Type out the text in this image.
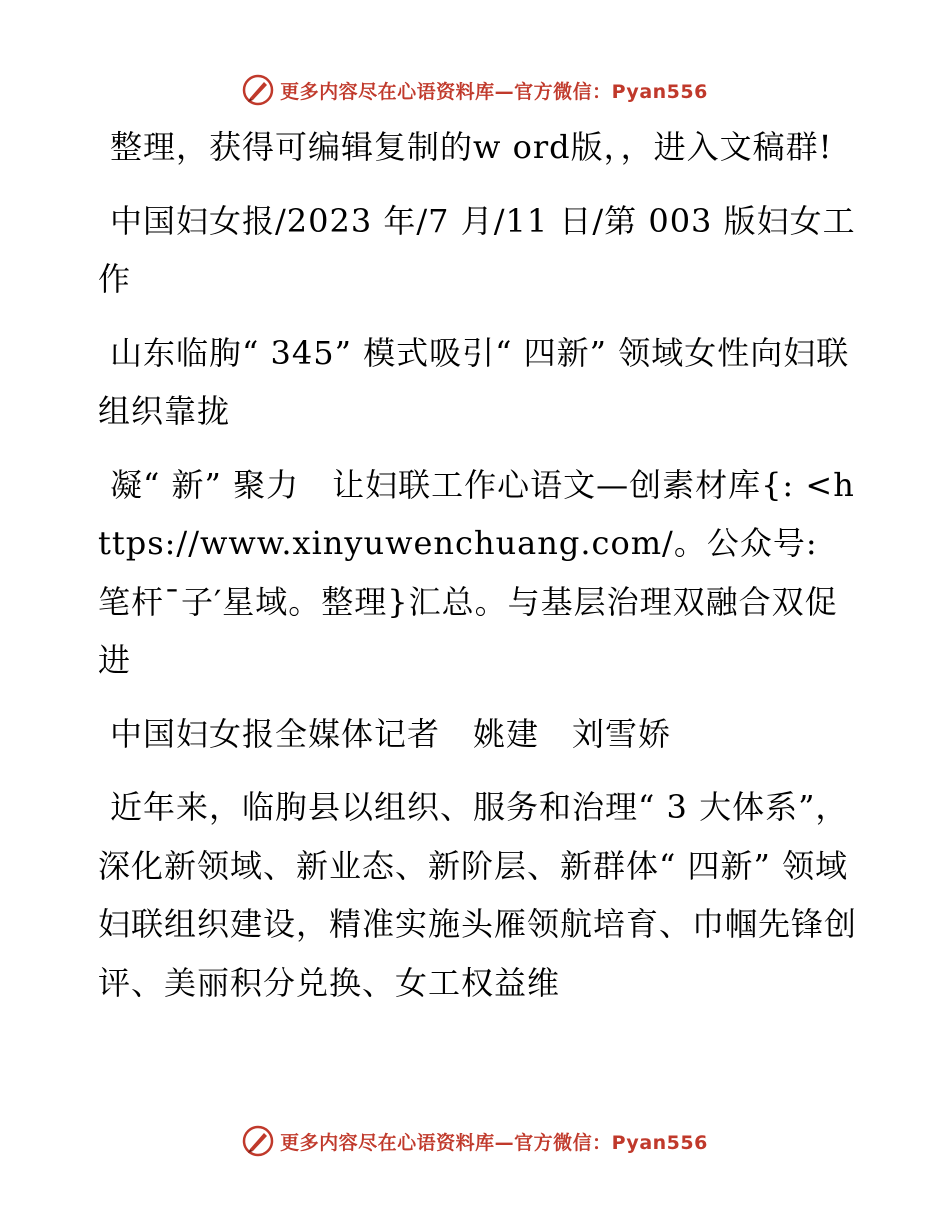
更多内容尽在心语资料库—官方微信：Pyan556

整理，获得可编辑复制的w ord版，，进入文稿群!

中国妇女报/2023 年/7 月/11 日/第 003 版妇女工作

山东临朐“ 345” 模式吸引“ 四新” 领域女性向妇联组织靠拢

凝“ 新” 聚力　让妇联工作心语文—创素材库{: <https://www.xinyuwenchuang.com/。公众号: 笔杆¯子′星域。整理}汇总。与基层治理双融合双促进

中国妇女报全媒体记者　姚建　刘雪娇

近年来，临朐县以组织、服务和治理“ 3 大体系”，深化新领域、新业态、新阶层、新群体“ 四新” 领域妇联组织建设，精准实施头雁领航培育、巾帼先锋创评、美丽积分兑换、女工权益维

更多内容尽在心语资料库—官方微信：Pyan556
